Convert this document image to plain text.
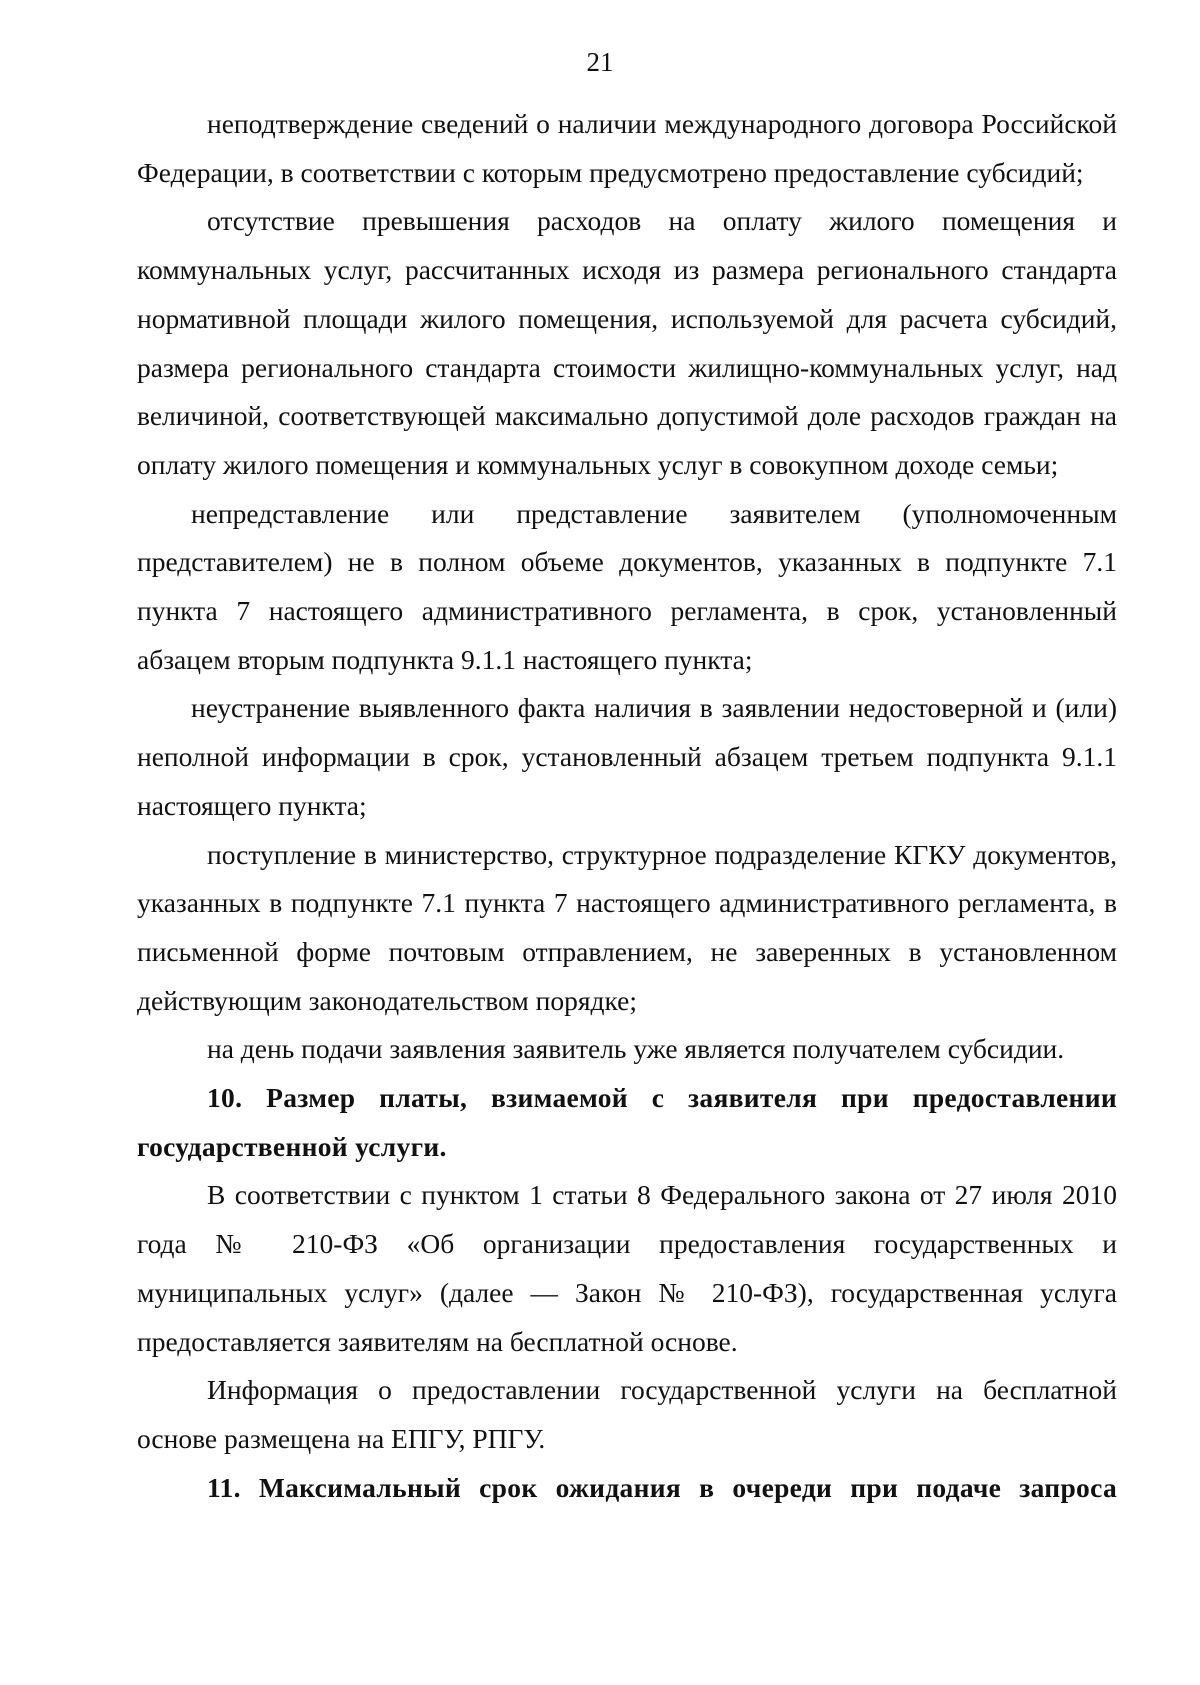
21

неподтверждение сведений о наличии международного договора Российской Федерации, в соответствии с которым предусмотрено предоставление субсидий;

отсутствие превышения расходов на оплату жилого помещения и коммунальных услуг, рассчитанных исходя из размера регионального стандарта нормативной площади жилого помещения, используемой для расчета субсидий, размера регионального стандарта стоимости жилищно-коммунальных услуг, над величиной, соответствующей максимально допустимой доле расходов граждан на оплату жилого помещения и коммунальных услуг в совокупном доходе семьи;

непредставление или представление заявителем (уполномоченным представителем) не в полном объеме документов, указанных в подпункте 7.1 пункта 7 настоящего административного регламента, в срок, установленный абзацем вторым подпункта 9.1.1 настоящего пункта;

неустранение выявленного факта наличия в заявлении недостоверной и (или) неполной информации в срок, установленный абзацем третьем подпункта 9.1.1 настоящего пункта;

поступление в министерство, структурное подразделение КГКУ документов, указанных в подпункте 7.1 пункта 7 настоящего административного регламента, в письменной форме почтовым отправлением, не заверенных в установленном действующим законодательством порядке;

на день подачи заявления заявитель уже является получателем субсидии.

10. Размер платы, взимаемой с заявителя при предоставлении государственной услуги.

В соответствии с пунктом 1 статьи 8 Федерального закона от 27 июля 2010 года № 210-ФЗ «Об организации предоставления государственных и муниципальных услуг» (далее — Закон № 210-ФЗ), государственная услуга предоставляется заявителям на бесплатной основе.

Информация о предоставлении государственной услуги на бесплатной основе размещена на ЕПГУ, РПГУ.

11. Максимальный срок ожидания в очереди при подаче запроса
